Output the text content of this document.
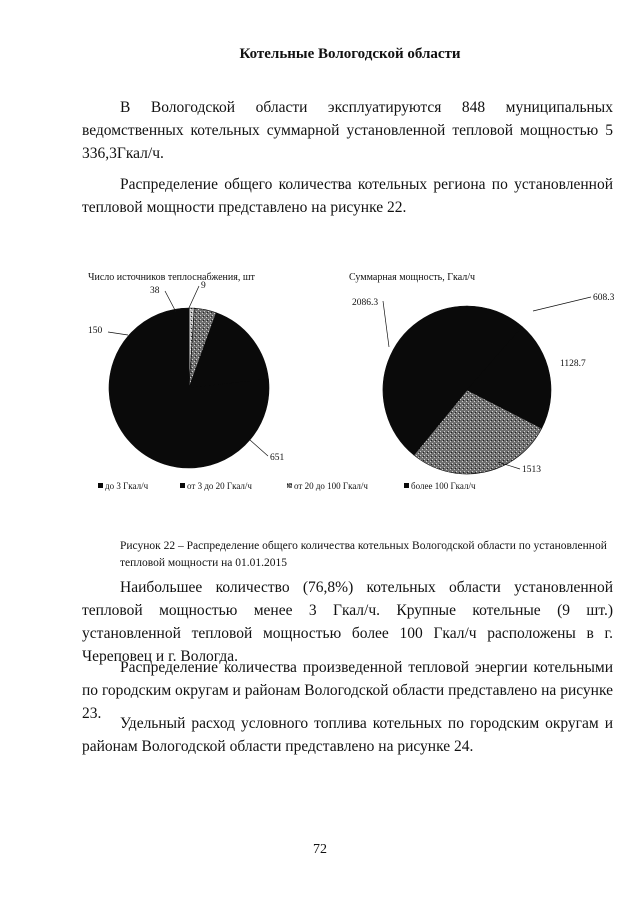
Котельные Вологодской области
В Вологодской области эксплуатируются 848 муниципальных
ведомственных котельных суммарной установленной тепловой мощностью 5 336,3Гкал/ч.
Распределение общего количества котельных региона по установленной тепловой мощности представлено на рисунке 22.
Число источников теплоснабжения, шт
651
150
38	9
Суммарная мощность, Гкал/ч
608.3
1128.7
1513
2086.3
до 3 Гкал/ч	от 3 до 20 Гкал/ч	от 20 до 100 Гкал/ч	более 100 Гкал/ч
Рисунок 22 – Распределение общего количества котельных Вологодской области по установленной тепловой мощности на 01.01.2015
Наибольшее количество (76,8%) котельных области установленной тепловой мощностью менее 3 Гкал/ч. Крупные котельные (9 шт.) установленной тепловой мощностью более 100 Гкал/ч расположены в г. Череповец и г. Вологда.
Распределение количества произведенной тепловой энергии котельными по городским округам и районам Вологодской области представлено на рисунке 23.
Удельный расход условного топлива котельных по городским округам и районам Вологодской области представлено на рисунке 24.
72
